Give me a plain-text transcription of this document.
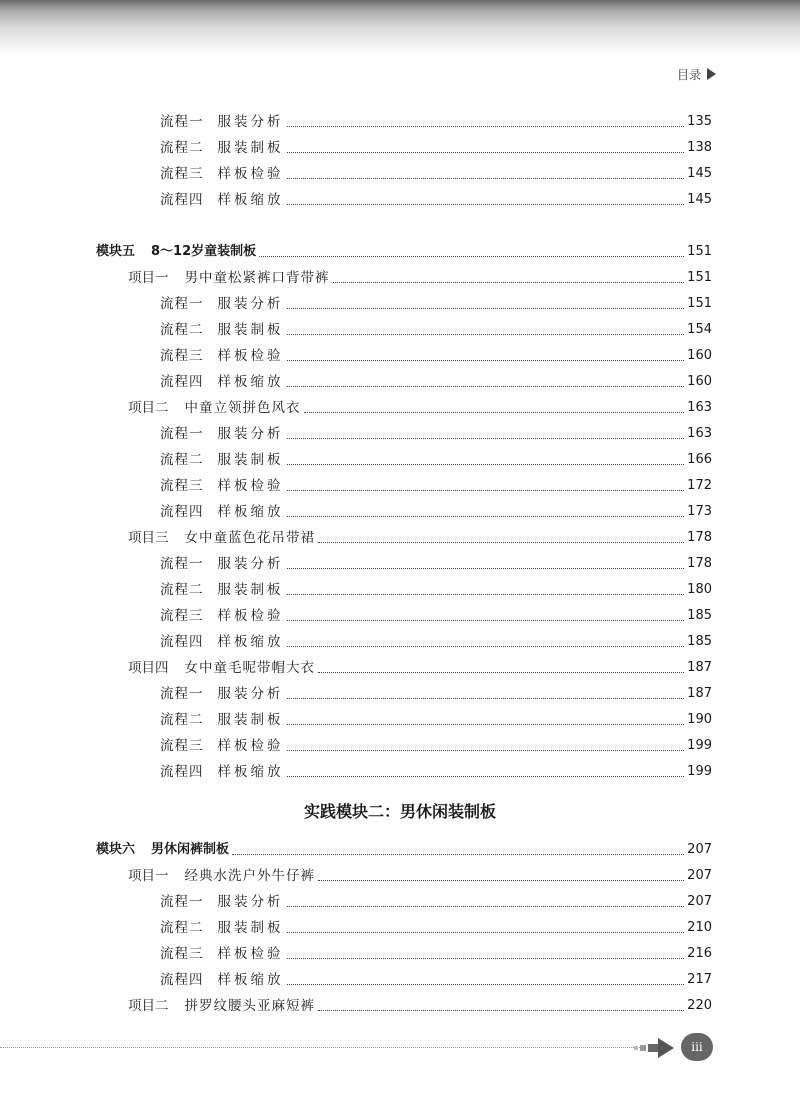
目录
流程一 服装分析	135
流程二 服装制板	138
流程三 样板检验	145
流程四 样板缩放	145
模块五 8～12岁童装制板	151
项目一 男中童松紧裤口背带裤	151
流程一 服装分析	151
流程二 服装制板	154
流程三 样板检验	160
流程四 样板缩放	160
项目二 中童立领拼色风衣	163
流程一 服装分析	163
流程二 服装制板	166
流程三 样板检验	172
流程四 样板缩放	173
项目三 女中童蓝色花吊带裙	178
流程一 服装分析	178
流程二 服装制板	180
流程三 样板检验	185
流程四 样板缩放	185
项目四 女中童毛呢带帽大衣	187
流程一 服装分析	187
流程二 服装制板	190
流程三 样板检验	199
流程四 样板缩放	199
模块六 男休闲裤制板	207
项目一 经典水洗户外牛仔裤	207
流程一 服装分析	207
流程二 服装制板	210
流程三 样板检验	216
流程四 样板缩放	217
项目二 拼罗纹腰头亚麻短裤	220
实践模块二：男休闲装制板
iii
